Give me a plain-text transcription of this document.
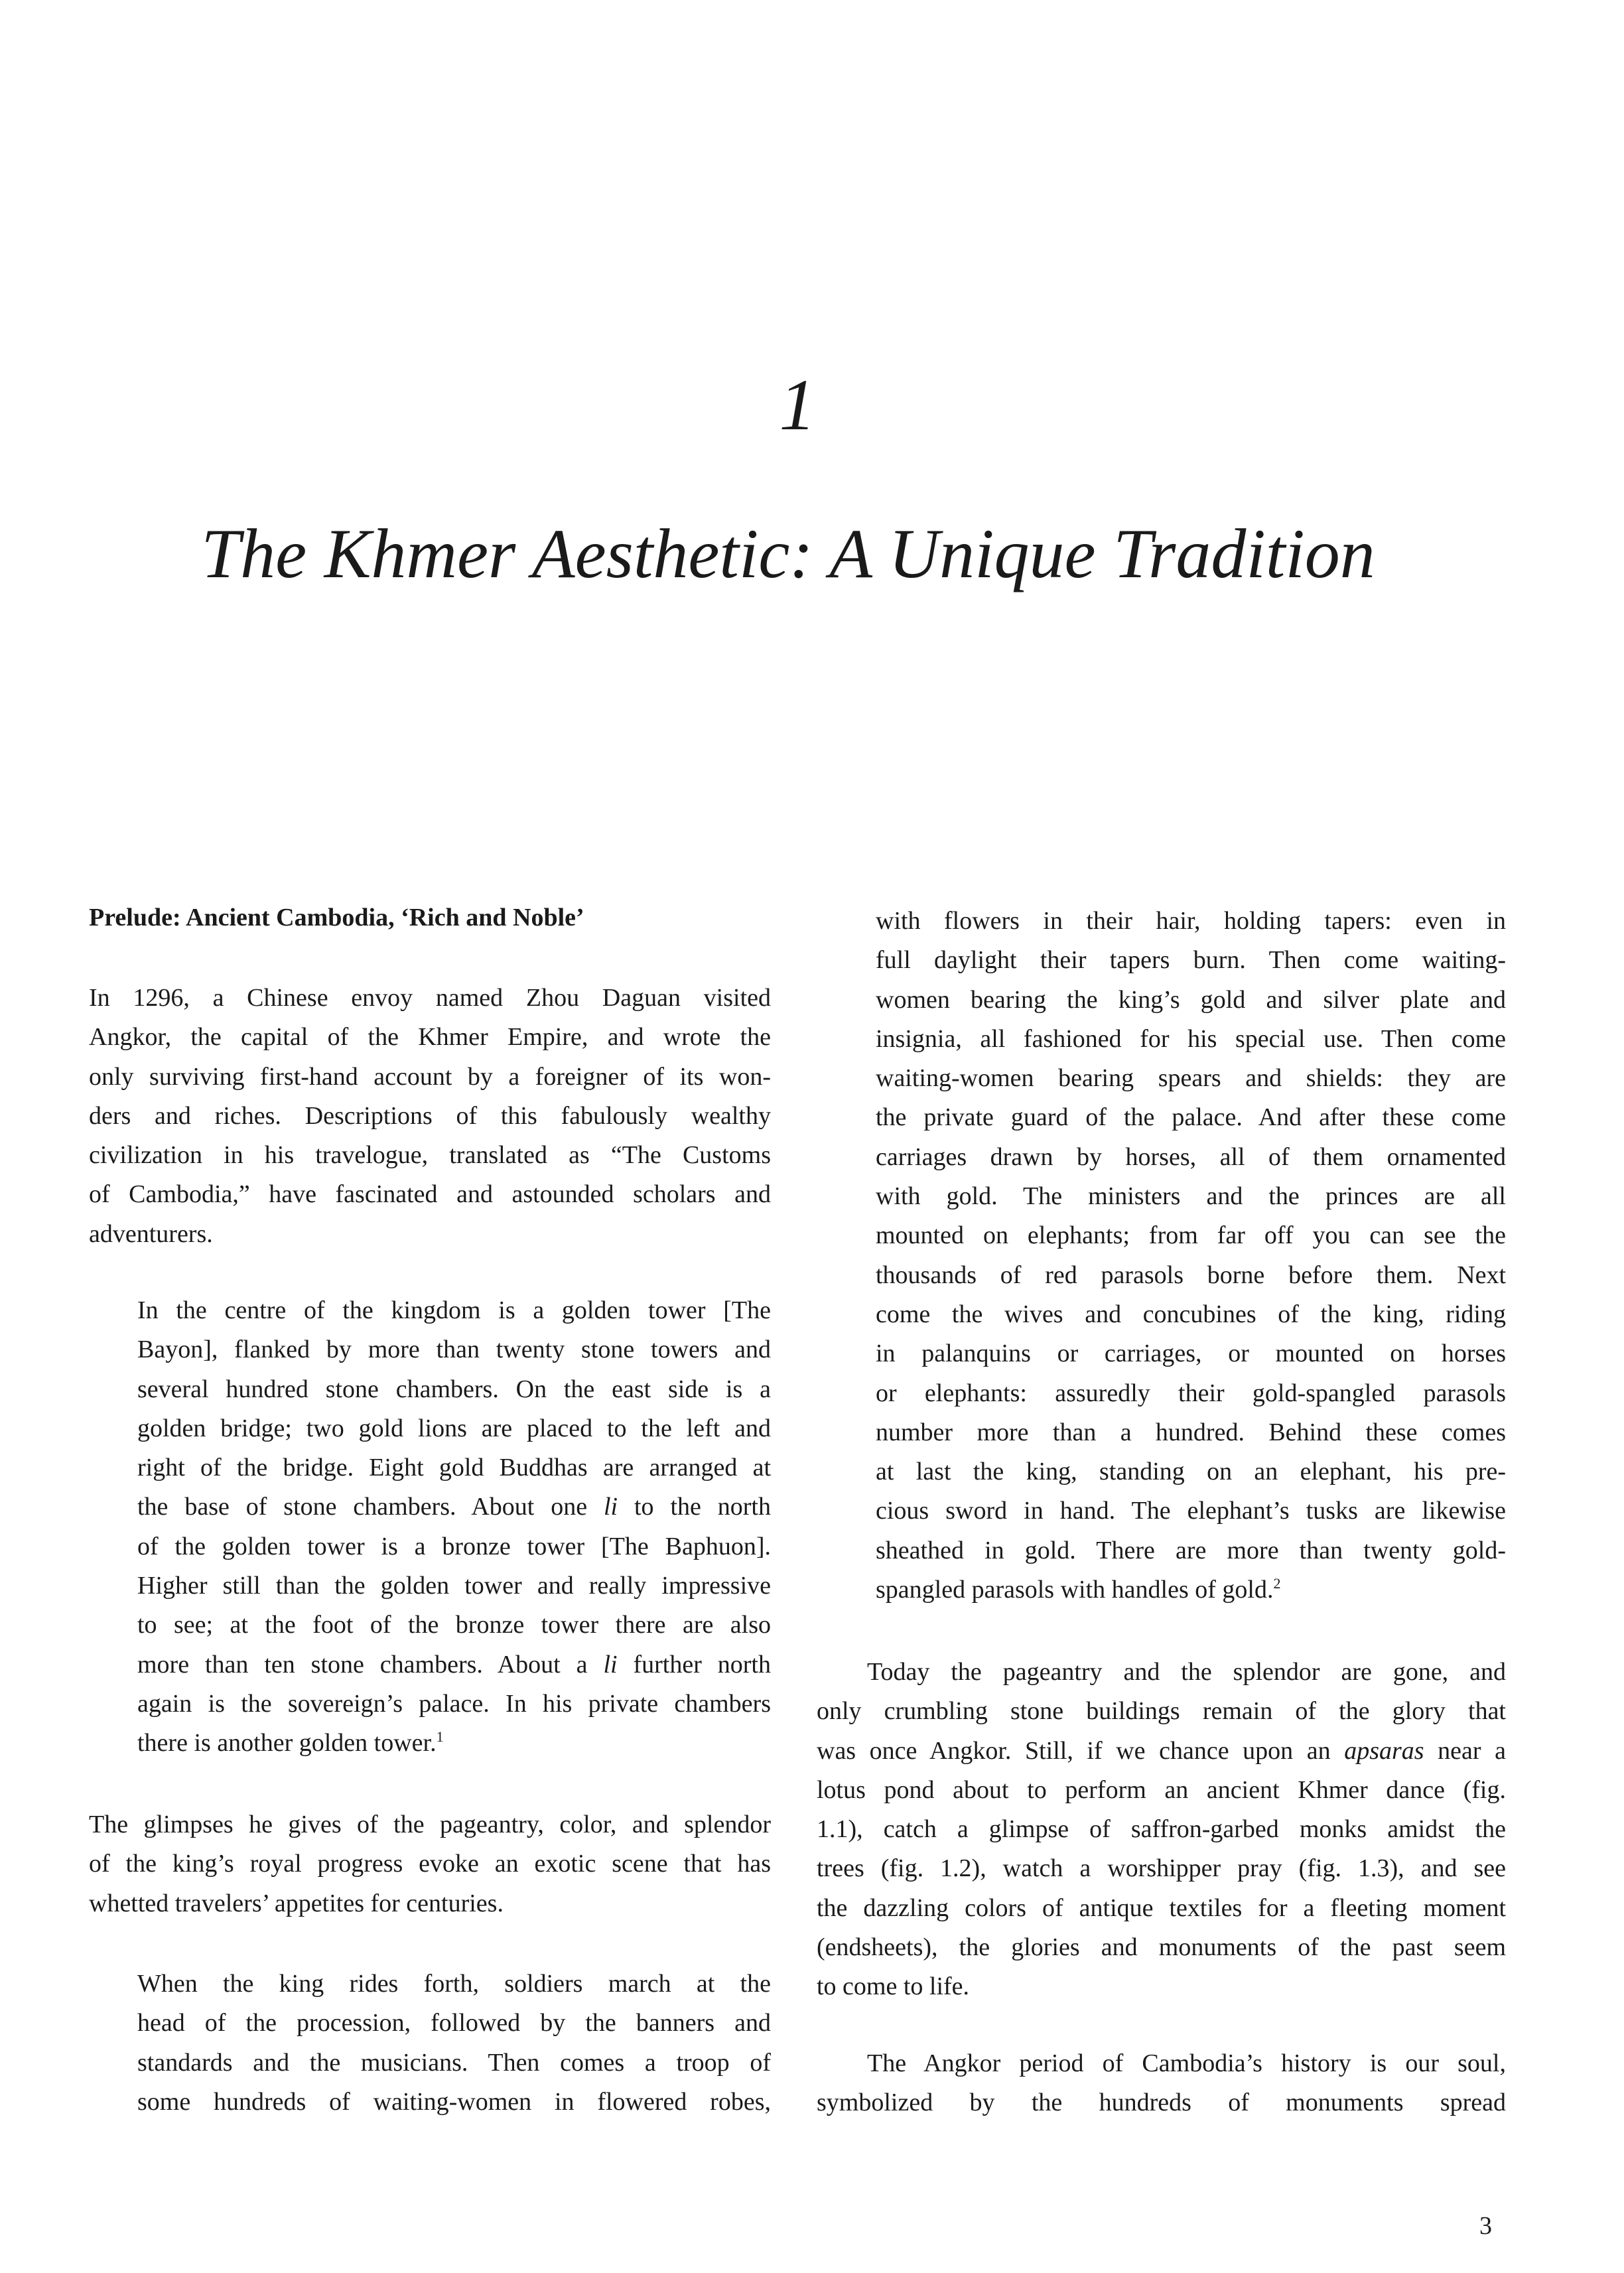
1
The Khmer Aesthetic: A Unique Tradition
Prelude: Ancient Cambodia, ‘Rich and Noble’
In 1296, a Chinese envoy named Zhou Daguan visited
Angkor, the capital of the Khmer Empire, and wrote the
only surviving first-hand account by a foreigner of its won-
ders and riches. Descriptions of this fabulously wealthy
civilization in his travelogue, translated as “The Customs
of Cambodia,” have fascinated and astounded scholars and
adventurers.
In the centre of the kingdom is a golden tower [The
Bayon], flanked by more than twenty stone towers and
several hundred stone chambers. On the east side is a
golden bridge; two gold lions are placed to the left and
right of the bridge. Eight gold Buddhas are arranged at
the base of stone chambers. About one li to the north
of the golden tower is a bronze tower [The Baphuon].
Higher still than the golden tower and really impressive
to see; at the foot of the bronze tower there are also
more than ten stone chambers. About a li further north
again is the sovereign’s palace. In his private chambers
there is another golden tower.$^1$
The glimpses he gives of the pageantry, color, and splendor
of the king’s royal progress evoke an exotic scene that has
whetted travelers’ appetites for centuries.
When the king rides forth, soldiers march at the
head of the procession, followed by the banners and
standards and the musicians. Then comes a troop of
some hundreds of waiting-women in flowered robes,
with flowers in their hair, holding tapers: even in
full daylight their tapers burn. Then come waiting-
women bearing the king’s gold and silver plate and
insignia, all fashioned for his special use. Then come
waiting-women bearing spears and shields: they are
the private guard of the palace. And after these come
carriages drawn by horses, all of them ornamented
with gold. The ministers and the princes are all
mounted on elephants; from far off you can see the
thousands of red parasols borne before them. Next
come the wives and concubines of the king, riding
in palanquins or carriages, or mounted on horses
or elephants: assuredly their gold-spangled parasols
number more than a hundred. Behind these comes
at last the king, standing on an elephant, his pre-
cious sword in hand. The elephant’s tusks are likewise
sheathed in gold. There are more than twenty gold-
spangled parasols with handles of gold.$^2$
Today the pageantry and the splendor are gone, and
only crumbling stone buildings remain of the glory that
was once Angkor. Still, if we chance upon an apsaras near a
lotus pond about to perform an ancient Khmer dance (fig.
1.1), catch a glimpse of saffron-garbed monks amidst the
trees (fig. 1.2), watch a worshipper pray (fig. 1.3), and see
the dazzling colors of antique textiles for a fleeting moment
(endsheets), the glories and monuments of the past seem
to come to life.
The Angkor period of Cambodia’s history is our soul,
symbolized by the hundreds of monuments spread
3
